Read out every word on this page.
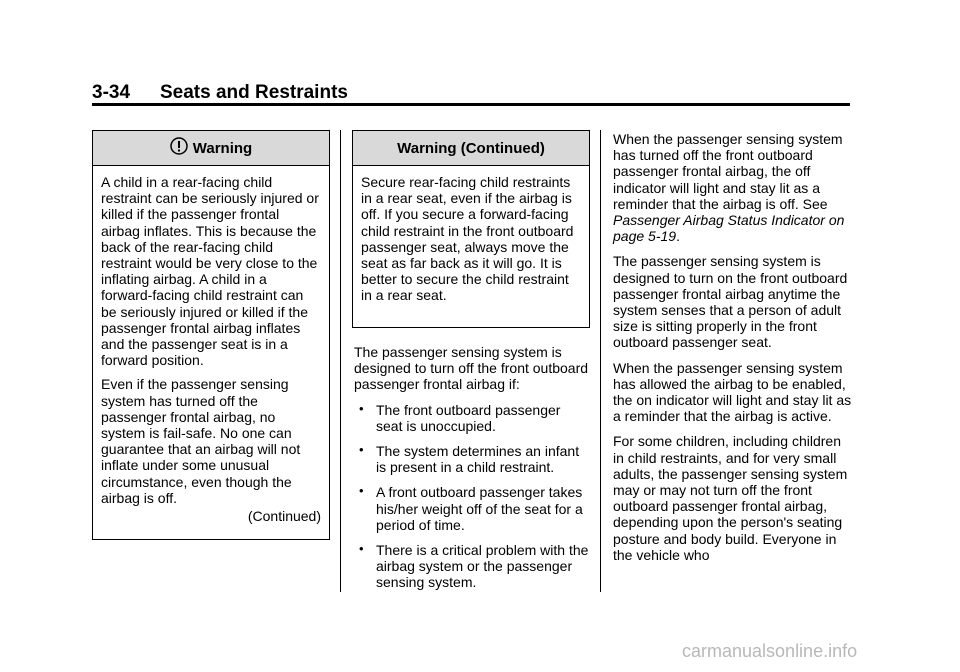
3-34 Seats and Restraints
Warning

A child in a rear-facing child restraint can be seriously injured or killed if the passenger frontal airbag inflates. This is because the back of the rear-facing child restraint would be very close to the inflating airbag. A child in a forward-facing child restraint can be seriously injured or killed if the passenger frontal airbag inflates and the passenger seat is in a forward position.

Even if the passenger sensing system has turned off the passenger frontal airbag, no system is fail-safe. No one can guarantee that an airbag will not inflate under some unusual circumstance, even though the airbag is off.

(Continued)
Warning (Continued)

Secure rear-facing child restraints in a rear seat, even if the airbag is off. If you secure a forward-facing child restraint in the front outboard passenger seat, always move the seat as far back as it will go. It is better to secure the child restraint in a rear seat.

The passenger sensing system is designed to turn off the front outboard passenger frontal airbag if:

• The front outboard passenger seat is unoccupied.
• The system determines an infant is present in a child restraint.
• A front outboard passenger takes his/her weight off of the seat for a period of time.
• There is a critical problem with the airbag system or the passenger sensing system.

When the passenger sensing system has turned off the front outboard passenger frontal airbag, the off indicator will light and stay lit as a reminder that the airbag is off. See Passenger Airbag Status Indicator on page 5-19.

The passenger sensing system is designed to turn on the front outboard passenger frontal airbag anytime the system senses that a person of adult size is sitting properly in the front outboard passenger seat.

When the passenger sensing system has allowed the airbag to be enabled, the on indicator will light and stay lit as a reminder that the airbag is active.

For some children, including children in child restraints, and for very small adults, the passenger sensing system may or may not turn off the front outboard passenger frontal airbag, depending upon the person's seating posture and body build. Everyone in the vehicle who

carmanualsonline.info
